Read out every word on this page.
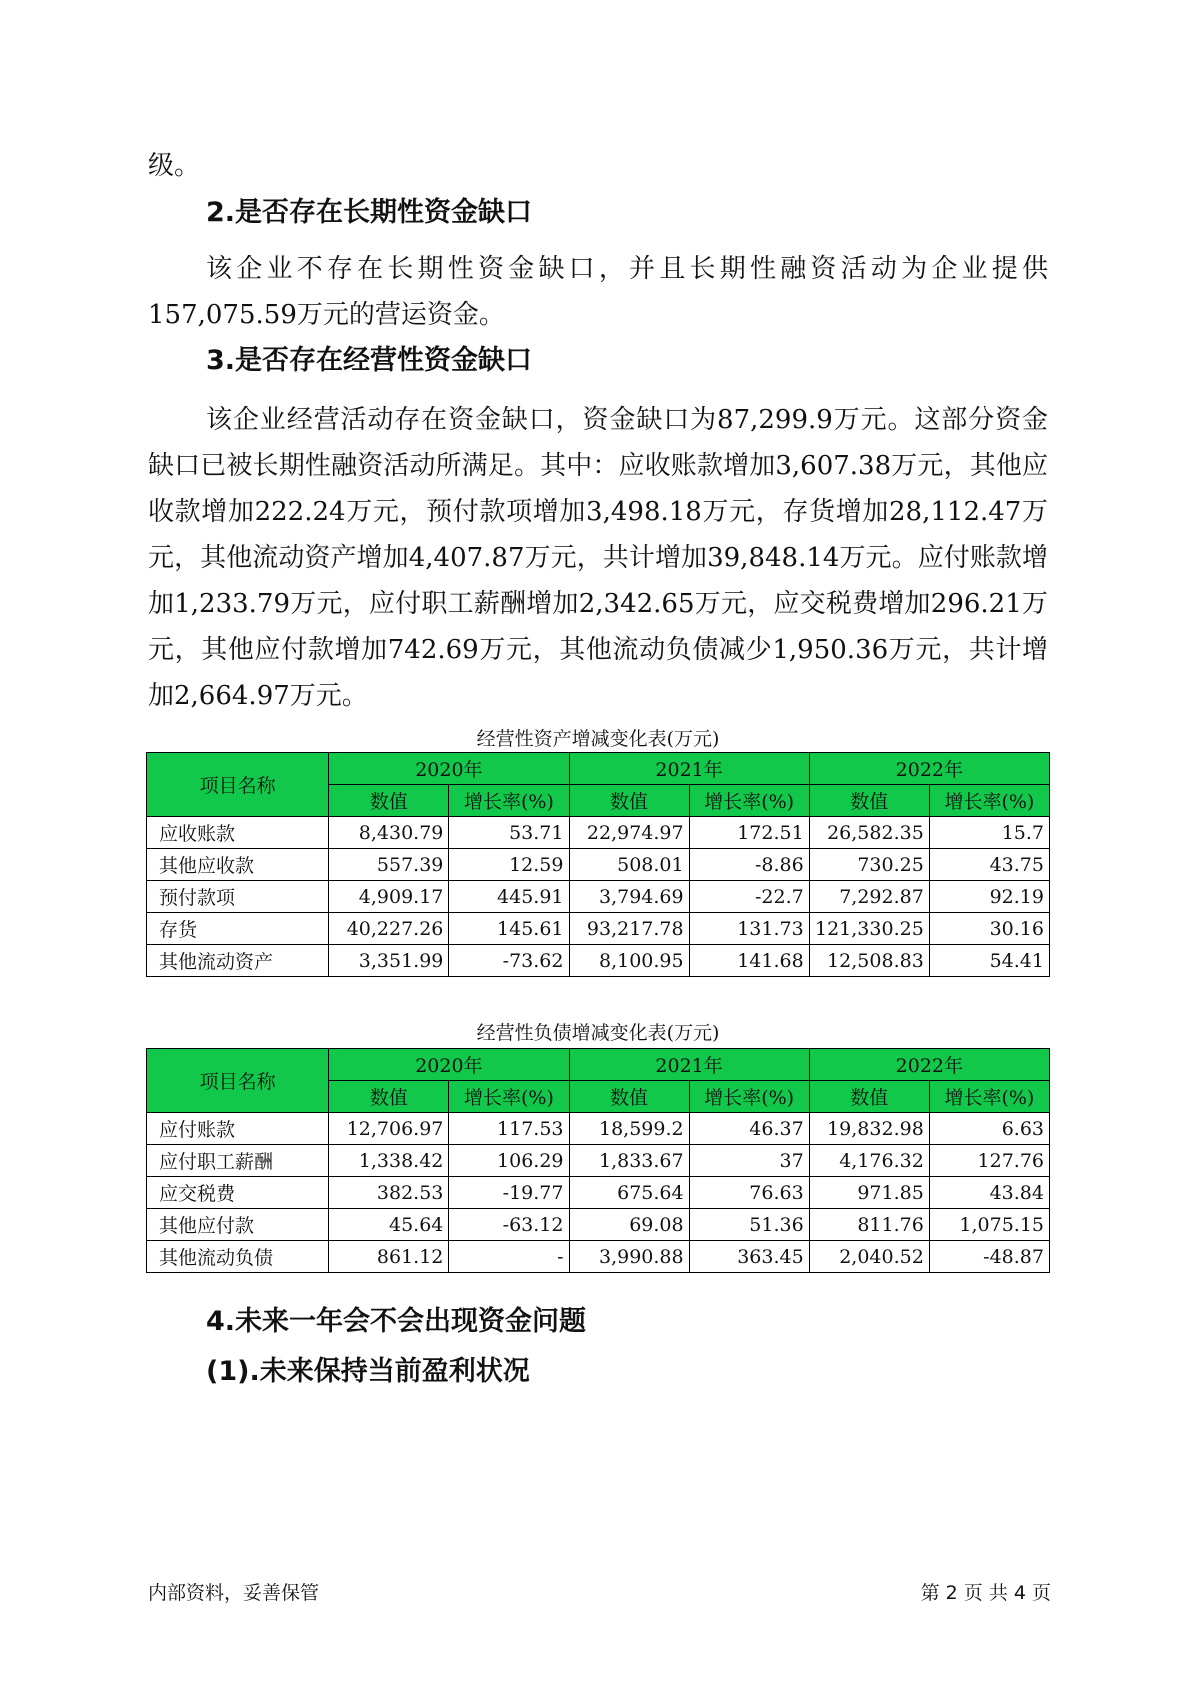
级。

2.是否存在长期性资金缺口

该企业不存在长期性资金缺口，并且长期性融资活动为企业提供157,075.59万元的营运资金。

3.是否存在经营性资金缺口

该企业经营活动存在资金缺口，资金缺口为87,299.9万元。这部分资金缺口已被长期性融资活动所满足。其中：应收账款增加3,607.38万元，其他应收款增加222.24万元，预付款项增加3,498.18万元，存货增加28,112.47万元，其他流动资产增加4,407.87万元，共计增加39,848.14万元。应付账款增加1,233.79万元，应付职工薪酬增加2,342.65万元，应交税费增加296.21万元，其他应付款增加742.69万元，其他流动负债减少1,950.36万元，共计增加2,664.97万元。

经营性资产增减变化表(万元)

项目名称	2020年		2021年		2022年	
	数值	增长率(%)	数值	增长率(%)	数值	增长率(%)
应收账款	8,430.79	53.71	22,974.97	172.51	26,582.35	15.7
其他应收款	557.39	12.59	508.01	-8.86	730.25	43.75
预付款项	4,909.17	445.91	3,794.69	-22.7	7,292.87	92.19
存货	40,227.26	145.61	93,217.78	131.73	121,330.25	30.16
其他流动资产	3,351.99	-73.62	8,100.95	141.68	12,508.83	54.41

经营性负债增减变化表(万元)

项目名称	2020年		2021年		2022年	
	数值	增长率(%)	数值	增长率(%)	数值	增长率(%)
应付账款	12,706.97	117.53	18,599.2	46.37	19,832.98	6.63
应付职工薪酬	1,338.42	106.29	1,833.67	37	4,176.32	127.76
应交税费	382.53	-19.77	675.64	76.63	971.85	43.84
其他应付款	45.64	-63.12	69.08	51.36	811.76	1,075.15
其他流动负债	861.12	-	3,990.88	363.45	2,040.52	-48.87
4.未来一年会不会出现资金问题
(1).未来保持当前盈利状况
内部资料，妥善保管	第 2 页 共 4 页
